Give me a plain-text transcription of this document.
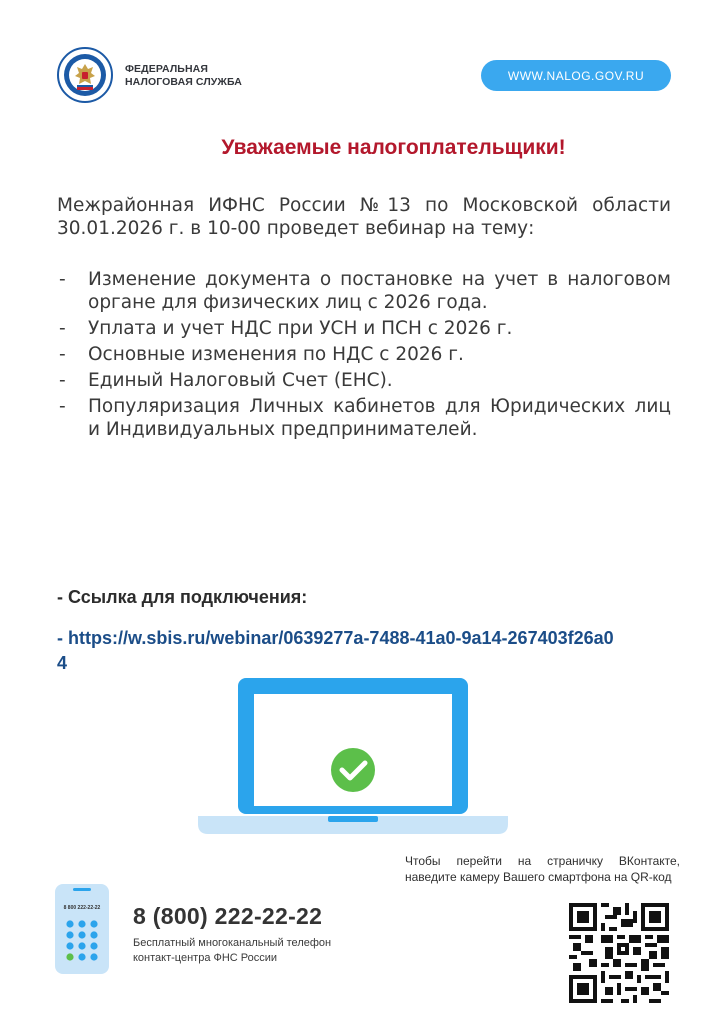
ФЕДЕРАЛЬНАЯ
НАЛОГОВАЯ СЛУЖБА	WWW.NALOG.GOV.RU
Уважаемые налогоплательщики!
Межрайонная ИФНС России №13 по Московской области 30.01.2026 г. в 10-00 проведет вебинар на тему:
- Изменение документа о постановке на учет в налоговом органе для физических лиц с 2026 года.
- Уплата и учет НДС при УСН и ПСН с 2026 г.
- Основные изменения по НДС с 2026 г.
- Единый Налоговый Счет (ЕНС).
- Популяризация Личных кабинетов для Юридических лиц и Индивидуальных предпринимателей.
- Ссылка для подключения:
- https://w.sbis.ru/webinar/0639277a-7488-41a0-9a14-267403f26a04
Чтобы перейти на страничку ВКонтакте, наведите камеру Вашего смартфона на QR-код
8 800 222-22-22 8 (800) 222-22-22
Бесплатный многоканальный телефон
контакт-центра ФНС России
